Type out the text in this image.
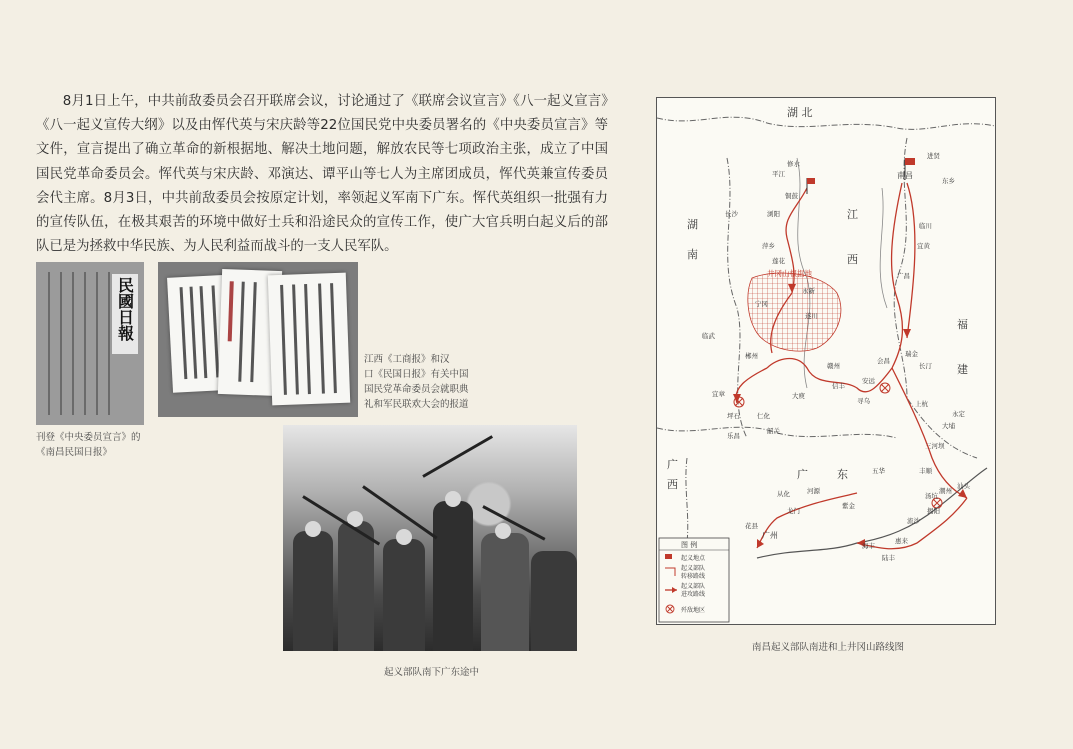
8月1日上午，中共前敌委员会召开联席会议，讨论通过了《联席会议宣言》《八一起义宣言》《八一起义宣传大纲》以及由恽代英与宋庆龄等22位国民党中央委员署名的《中央委员宣言》等文件，宣言提出了确立革命的新根据地、解决土地问题，解放农民等七项政治主张，成立了中国国民党革命委员会。恽代英与宋庆龄、邓演达、谭平山等七人为主席团成员，恽代英兼宣传委员会代主席。8月3日，中共前敌委员会按原定计划，率领起义军南下广东。恽代英组织一批强有力的宣传队伍，在极其艰苦的环境中做好士兵和沿途民众的宣传工作，使广大官兵明白起义后的部队已是为拯救中华民族、为人民利益而战斗的一支人民军队。
民國日報
刊登《中央委员宣言》的
《南昌民国日报》
江西《工商报》和汉
口《民国日报》有关中国
国民党革命委员会就职典
礼和军民联欢大会的报道
起义部队南下广东途中
湖 北
湖
南
江
西
福
建
广	东
广
西
井冈山根据地
南昌
长沙
平江
浏阳
铜鼓
修水
萍乡
莲花
永新
宁冈
遂川
赣州
大庾
寻乌
瑞金
长汀
会昌
上杭
三河坝
潮州
汕头
揭阳
流沙
海丰
惠来
龙门
广州
郴州
宜章
韶关
临武
临川
广昌
宜黄
进贤
东乡
信丰
安远
坪石
乐昌
仁化
大埔
永定
丰顺
汤坑
五华
紫金
河源
花县
从化
陆丰
图 例
起义地点
起义部队
转移路线
起义部队
进攻路线
歼敌地区
南昌起义部队南进和上井冈山路线图
